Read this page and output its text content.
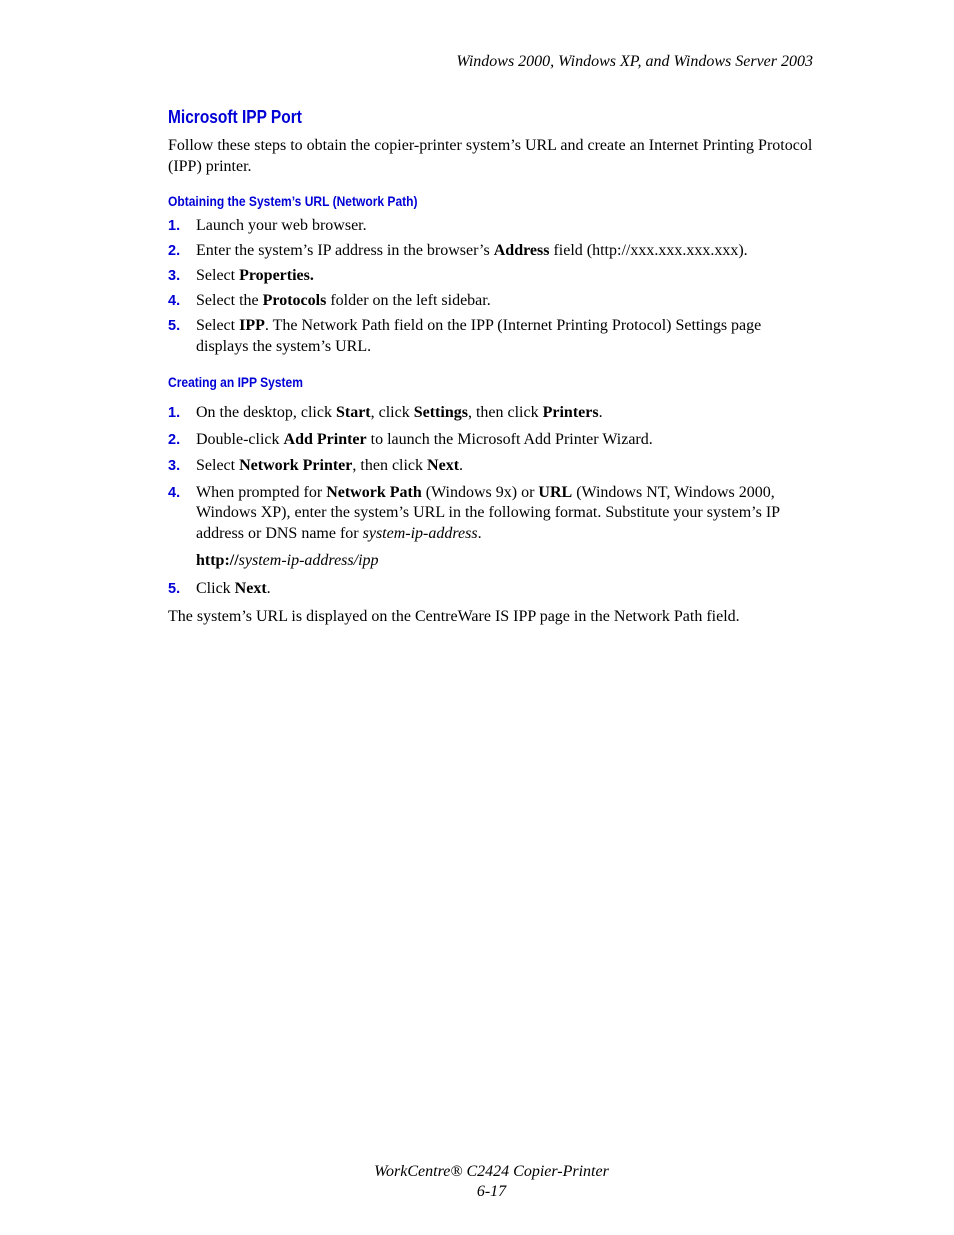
Windows 2000, Windows XP, and Windows Server 2003
Microsoft IPP Port

Follow these steps to obtain the copier-printer system’s URL and create an Internet Printing Protocol (IPP) printer.

Obtaining the System’s URL (Network Path)
1. Launch your web browser.
2. Enter the system’s IP address in the browser’s Address field (http://xxx.xxx.xxx.xxx).
3. Select Properties.
4. Select the Protocols folder on the left sidebar.
5. Select IPP. The Network Path field on the IPP (Internet Printing Protocol) Settings page displays the system’s URL.
Creating an IPP System
1. On the desktop, click Start, click Settings, then click Printers.
2. Double-click Add Printer to launch the Microsoft Add Printer Wizard.
3. Select Network Printer, then click Next.
4. When prompted for Network Path (Windows 9x) or URL (Windows NT, Windows 2000, Windows XP), enter the system’s URL in the following format. Substitute your system’s IP address or DNS name for system-ip-address.
http://system-ip-address/ipp
5. Click Next.

The system’s URL is displayed on the CentreWare IS IPP page in the Network Path field.

WorkCentre® C2424 Copier-Printer
6-17
